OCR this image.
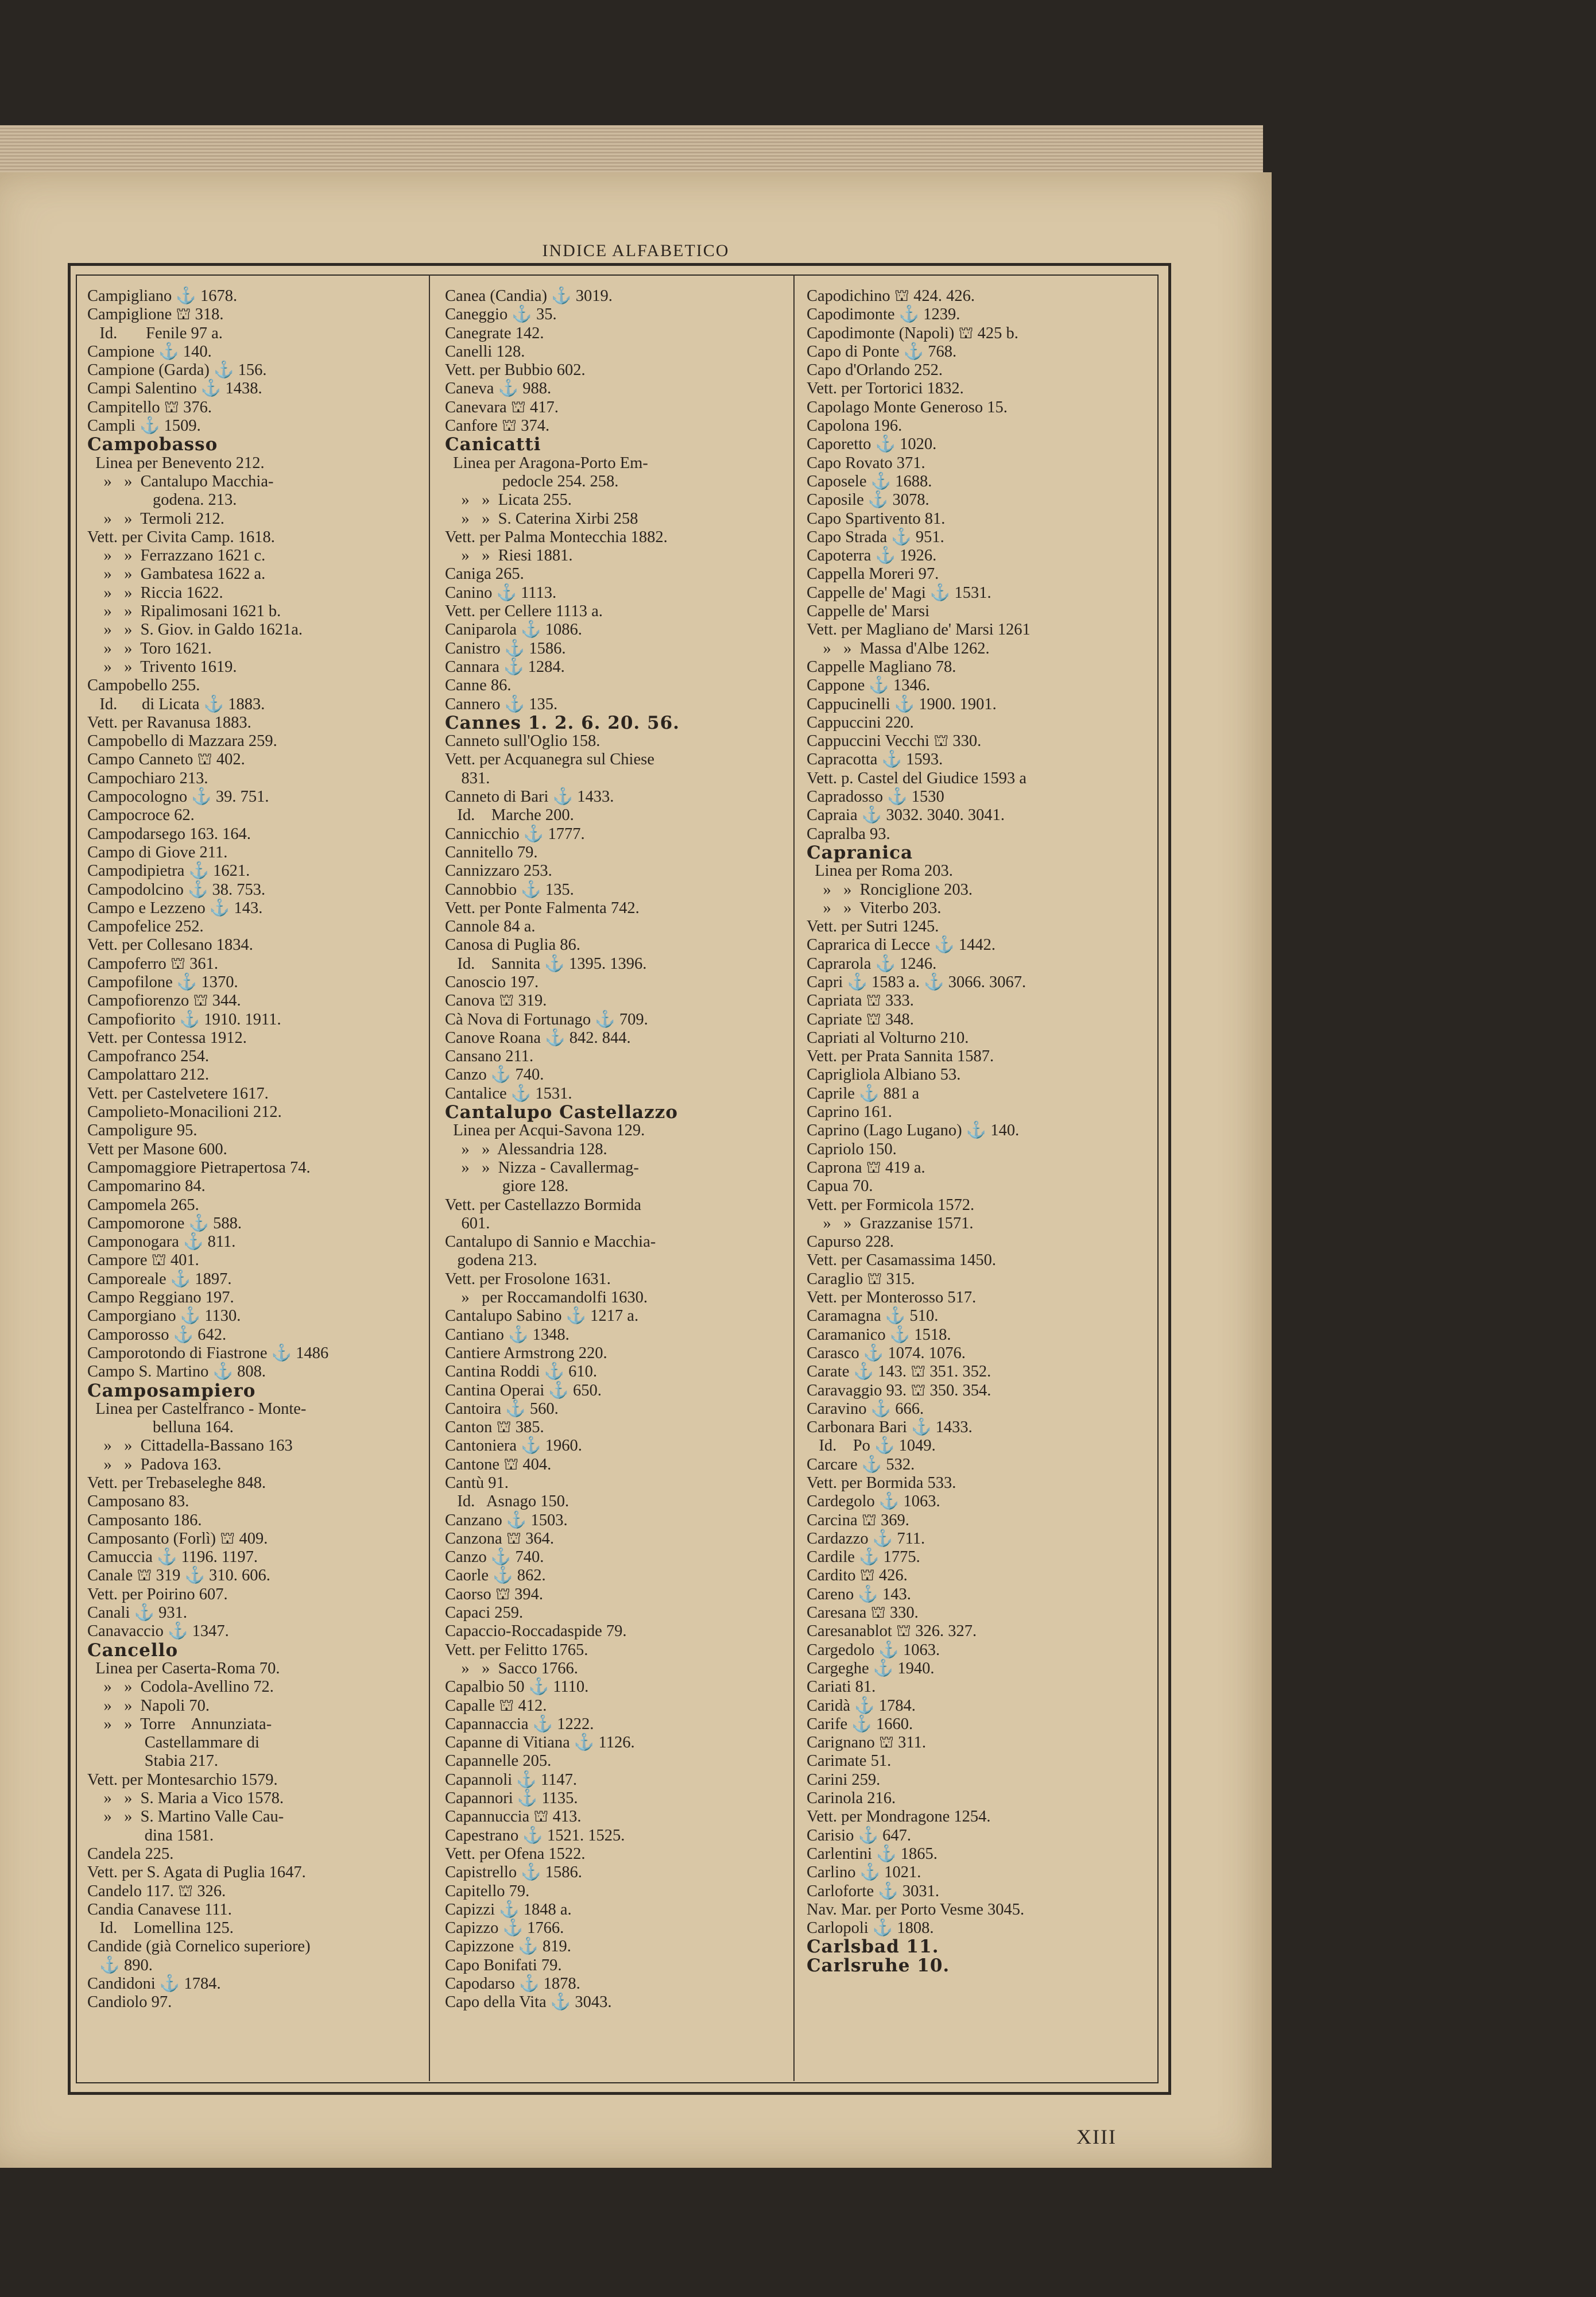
INDICE ALFABETICO
Campigliano ⚓ 1678.
Campiglione ⛫ 318.
Id.       Fenile 97 a.
Campione ⚓ 140.
Campione (Garda) ⚓ 156.
Campi Salentino ⚓ 1438.
Campitello ⛫ 376.
Campli ⚓ 1509.
Campobasso
Linea per Benevento 212.
»   »  Cantalupo Macchia-
godena. 213.
»   »  Termoli 212.
Vett. per Civita Camp. 1618.
»   »  Ferrazzano 1621 c.
»   »  Gambatesa 1622 a.
»   »  Riccia 1622.
»   »  Ripalimosani 1621 b.
»   »  S. Giov. in Galdo 1621a.
»   »  Toro 1621.
»   »  Trivento 1619.
Campobello 255.
Id.      di Licata ⚓ 1883.
Vett. per Ravanusa 1883.
Campobello di Mazzara 259.
Campo Canneto ⛫ 402.
Campochiaro 213.
Campocologno ⚓ 39. 751.
Campocroce 62.
Campodarsego 163. 164.
Campo di Giove 211.
Campodipietra ⚓ 1621.
Campodolcino ⚓ 38. 753.
Campo e Lezzeno ⚓ 143.
Campofelice 252.
Vett. per Collesano 1834.
Campoferro ⛫ 361.
Campofilone ⚓ 1370.
Campofiorenzo ⛫ 344.
Campofiorito ⚓ 1910. 1911.
Vett. per Contessa 1912.
Campofranco 254.
Campolattaro 212.
Vett. per Castelvetere 1617.
Campolieto-Monacilioni 212.
Campoligure 95.
Vett per Masone 600.
Campomaggiore Pietrapertosa 74.
Campomarino 84.
Campomela 265.
Campomorone ⚓ 588.
Camponogara ⚓ 811.
Campore ⛫ 401.
Camporeale ⚓ 1897.
Campo Reggiano 197.
Camporgiano ⚓ 1130.
Camporosso ⚓ 642.
Camporotondo di Fiastrone ⚓ 1486
Campo S. Martino ⚓ 808.
Camposampiero
Linea per Castelfranco - Monte-
belluna 164.
»   »  Cittadella-Bassano 163
»   »  Padova 163.
Vett. per Trebaseleghe 848.
Camposano 83.
Camposanto 186.
Camposanto (Forlì) ⛫ 409.
Camuccia ⚓ 1196. 1197.
Canale ⛫ 319 ⚓ 310. 606.
Vett. per Poirino 607.
Canali ⚓ 931.
Canavaccio ⚓ 1347.
Cancello
Linea per Caserta-Roma 70.
»   »  Codola-Avellino 72.
»   »  Napoli 70.
»   »  Torre    Annunziata-
Castellammare di
Stabia 217.
Vett. per Montesarchio 1579.
»   »  S. Maria a Vico 1578.
»   »  S. Martino Valle Cau-
dina 1581.
Candela 225.
Vett. per S. Agata di Puglia 1647.
Candelo 117. ⛫ 326.
Candia Canavese 111.
Id.    Lomellina 125.
Candide (già Cornelico superiore)
⚓ 890.
Candidoni ⚓ 1784.
Candiolo 97.
Canea (Candia) ⚓ 3019.
Caneggio ⚓ 35.
Canegrate 142.
Canelli 128.
Vett. per Bubbio 602.
Caneva ⚓ 988.
Canevara ⛫ 417.
Canfore ⛫ 374.
Canicatti
Linea per Aragona-Porto Em-
pedocle 254. 258.
»   »  Licata 255.
»   »  S. Caterina Xirbi 258
Vett. per Palma Montecchia 1882.
»   »  Riesi 1881.
Caniga 265.
Canino ⚓ 1113.
Vett. per Cellere 1113 a.
Caniparola ⚓ 1086.
Canistro ⚓ 1586.
Cannara ⚓ 1284.
Canne 86.
Cannero ⚓ 135.
Cannes 1. 2. 6. 20. 56.
Canneto sull'Oglio 158.
Vett. per Acquanegra sul Chiese
831.
Canneto di Bari ⚓ 1433.
Id.    Marche 200.
Cannicchio ⚓ 1777.
Cannitello 79.
Cannizzaro 253.
Cannobbio ⚓ 135.
Vett. per Ponte Falmenta 742.
Cannole 84 a.
Canosa di Puglia 86.
Id.    Sannita ⚓ 1395. 1396.
Canoscio 197.
Canova ⛫ 319.
Cà Nova di Fortunago ⚓ 709.
Canove Roana ⚓ 842. 844.
Cansano 211.
Canzo ⚓ 740.
Cantalice ⚓ 1531.
Cantalupo Castellazzo
Linea per Acqui-Savona 129.
»   »  Alessandria 128.
»   »  Nizza - Cavallermag-
giore 128.
Vett. per Castellazzo Bormida
601.
Cantalupo di Sannio e Macchia-
godena 213.
Vett. per Frosolone 1631.
»   per Roccamandolfi 1630.
Cantalupo Sabino ⚓ 1217 a.
Cantiano ⚓ 1348.
Cantiere Armstrong 220.
Cantina Roddi ⚓ 610.
Cantina Operai ⚓ 650.
Cantoira ⚓ 560.
Canton ⛫ 385.
Cantoniera ⚓ 1960.
Cantone ⛫ 404.
Cantù 91.
Id.   Asnago 150.
Canzano ⚓ 1503.
Canzona ⛫ 364.
Canzo ⚓ 740.
Caorle ⚓ 862.
Caorso ⛫ 394.
Capaci 259.
Capaccio-Roccadaspide 79.
Vett. per Felitto 1765.
»   »  Sacco 1766.
Capalbio 50 ⚓ 1110.
Capalle ⛫ 412.
Capannaccia ⚓ 1222.
Capanne di Vitiana ⚓ 1126.
Capannelle 205.
Capannoli ⚓ 1147.
Capannori ⚓ 1135.
Capannuccia ⛫ 413.
Capestrano ⚓ 1521. 1525.
Vett. per Ofena 1522.
Capistrello ⚓ 1586.
Capitello 79.
Capizzi ⚓ 1848 a.
Capizzo ⚓ 1766.
Capizzone ⚓ 819.
Capo Bonifati 79.
Capodarso ⚓ 1878.
Capo della Vita ⚓ 3043.
Capodichino ⛫ 424. 426.
Capodimonte ⚓ 1239.
Capodimonte (Napoli) ⛫ 425 b.
Capo di Ponte ⚓ 768.
Capo d'Orlando 252.
Vett. per Tortorici 1832.
Capolago Monte Generoso 15.
Capolona 196.
Caporetto ⚓ 1020.
Capo Rovato 371.
Caposele ⚓ 1688.
Caposile ⚓ 3078.
Capo Spartivento 81.
Capo Strada ⚓ 951.
Capoterra ⚓ 1926.
Cappella Moreri 97.
Cappelle de' Magi ⚓ 1531.
Cappelle de' Marsi
Vett. per Magliano de' Marsi 1261
»   »  Massa d'Albe 1262.
Cappelle Magliano 78.
Cappone ⚓ 1346.
Cappucinelli ⚓ 1900. 1901.
Cappuccini 220.
Cappuccini Vecchi ⛫ 330.
Capracotta ⚓ 1593.
Vett. p. Castel del Giudice 1593 a
Capradosso ⚓ 1530
Capraia ⚓ 3032. 3040. 3041.
Capralba 93.
Capranica
Linea per Roma 203.
»   »  Ronciglione 203.
»   »  Viterbo 203.
Vett. per Sutri 1245.
Caprarica di Lecce ⚓ 1442.
Caprarola ⚓ 1246.
Capri ⚓ 1583 a. ⚓ 3066. 3067.
Capriata ⛫ 333.
Capriate ⛫ 348.
Capriati al Volturno 210.
Vett. per Prata Sannita 1587.
Caprigliola Albiano 53.
Caprile ⚓ 881 a
Caprino 161.
Caprino (Lago Lugano) ⚓ 140.
Capriolo 150.
Caprona ⛫ 419 a.
Capua 70.
Vett. per Formicola 1572.
»   »  Grazzanise 1571.
Capurso 228.
Vett. per Casamassima 1450.
Caraglio ⛫ 315.
Vett. per Monterosso 517.
Caramagna ⚓ 510.
Caramanico ⚓ 1518.
Carasco ⚓ 1074. 1076.
Carate ⚓ 143. ⛫ 351. 352.
Caravaggio 93. ⛫ 350. 354.
Caravino ⚓ 666.
Carbonara Bari ⚓ 1433.
Id.    Po ⚓ 1049.
Carcare ⚓ 532.
Vett. per Bormida 533.
Cardegolo ⚓ 1063.
Carcina ⛫ 369.
Cardazzo ⚓ 711.
Cardile ⚓ 1775.
Cardito ⛫ 426.
Careno ⚓ 143.
Caresana ⛫ 330.
Caresanablot ⛫ 326. 327.
Cargedolo ⚓ 1063.
Cargeghe ⚓ 1940.
Cariati 81.
Caridà ⚓ 1784.
Carife ⚓ 1660.
Carignano ⛫ 311.
Carimate 51.
Carini 259.
Carinola 216.
Vett. per Mondragone 1254.
Carisio ⚓ 647.
Carlentini ⚓ 1865.
Carlino ⚓ 1021.
Carloforte ⚓ 3031.
Nav. Mar. per Porto Vesme 3045.
Carlopoli ⚓ 1808.
Carlsbad 11.
Carlsruhe 10.
XIII
